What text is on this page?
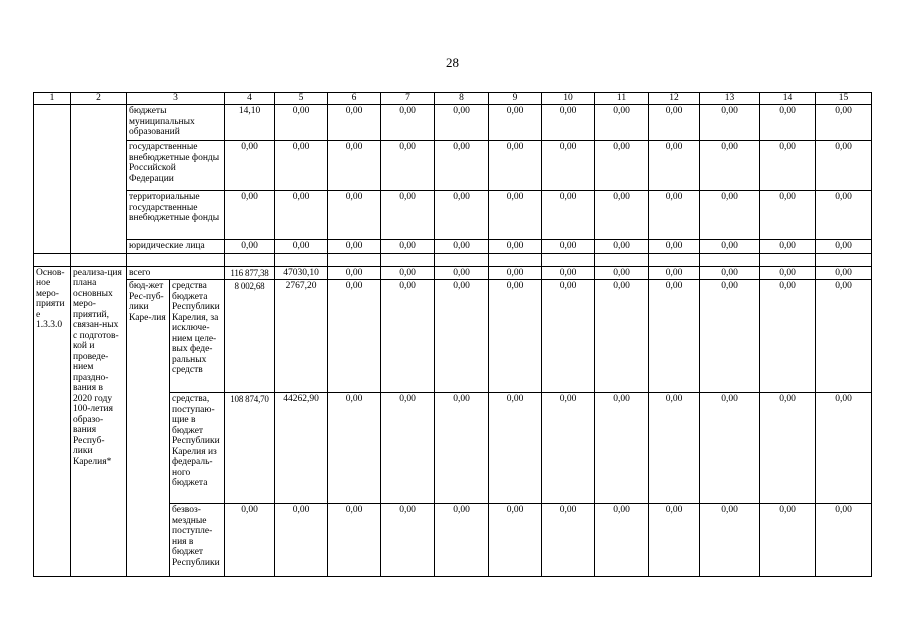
28
1	2	3		4	5	6	7	8	9	10	11	12	13	14	15
		бюджеты муниципальных образований		14,10	0,00	0,00	0,00	0,00	0,00	0,00	0,00	0,00	0,00	0,00	0,00
		государственные внебюджетные фонды Российской Федерации		0,00	0,00	0,00	0,00	0,00	0,00	0,00	0,00	0,00	0,00	0,00	0,00
		территориальные государственные внебюджетные фонды		0,00	0,00	0,00	0,00	0,00	0,00	0,00	0,00	0,00	0,00	0,00	0,00
		юридические лица		0,00	0,00	0,00	0,00	0,00	0,00	0,00	0,00	0,00	0,00	0,00	0,00

Основ-ное меро-приятие 1.3.3.0	реализа-ция плана основных меро-приятий, связан-ных с подготов-кой и проведе-нием праздно-вания в 2020 году 100-летия образо-вания Респуб-лики Карелия*	всего		116 877,38	47030,10	0,00	0,00	0,00	0,00	0,00	0,00	0,00	0,00	0,00	0,00
		бюд-жет Рес-пуб-лики Каре-лия	средства бюджета Республики Карелия, за исключе-нием целе-вых феде-ральных средств	8 002,68	2767,20	0,00	0,00	0,00	0,00	0,00	0,00	0,00	0,00	0,00	0,00
			средства, поступаю-щие в бюджет Республики Карелия из федераль-ного бюджета	108 874,70	44262,90	0,00	0,00	0,00	0,00	0,00	0,00	0,00	0,00	0,00	0,00
			безвоз-мездные поступле-ния в бюджет Республики	0,00	0,00	0,00	0,00	0,00	0,00	0,00	0,00	0,00	0,00	0,00	0,00
